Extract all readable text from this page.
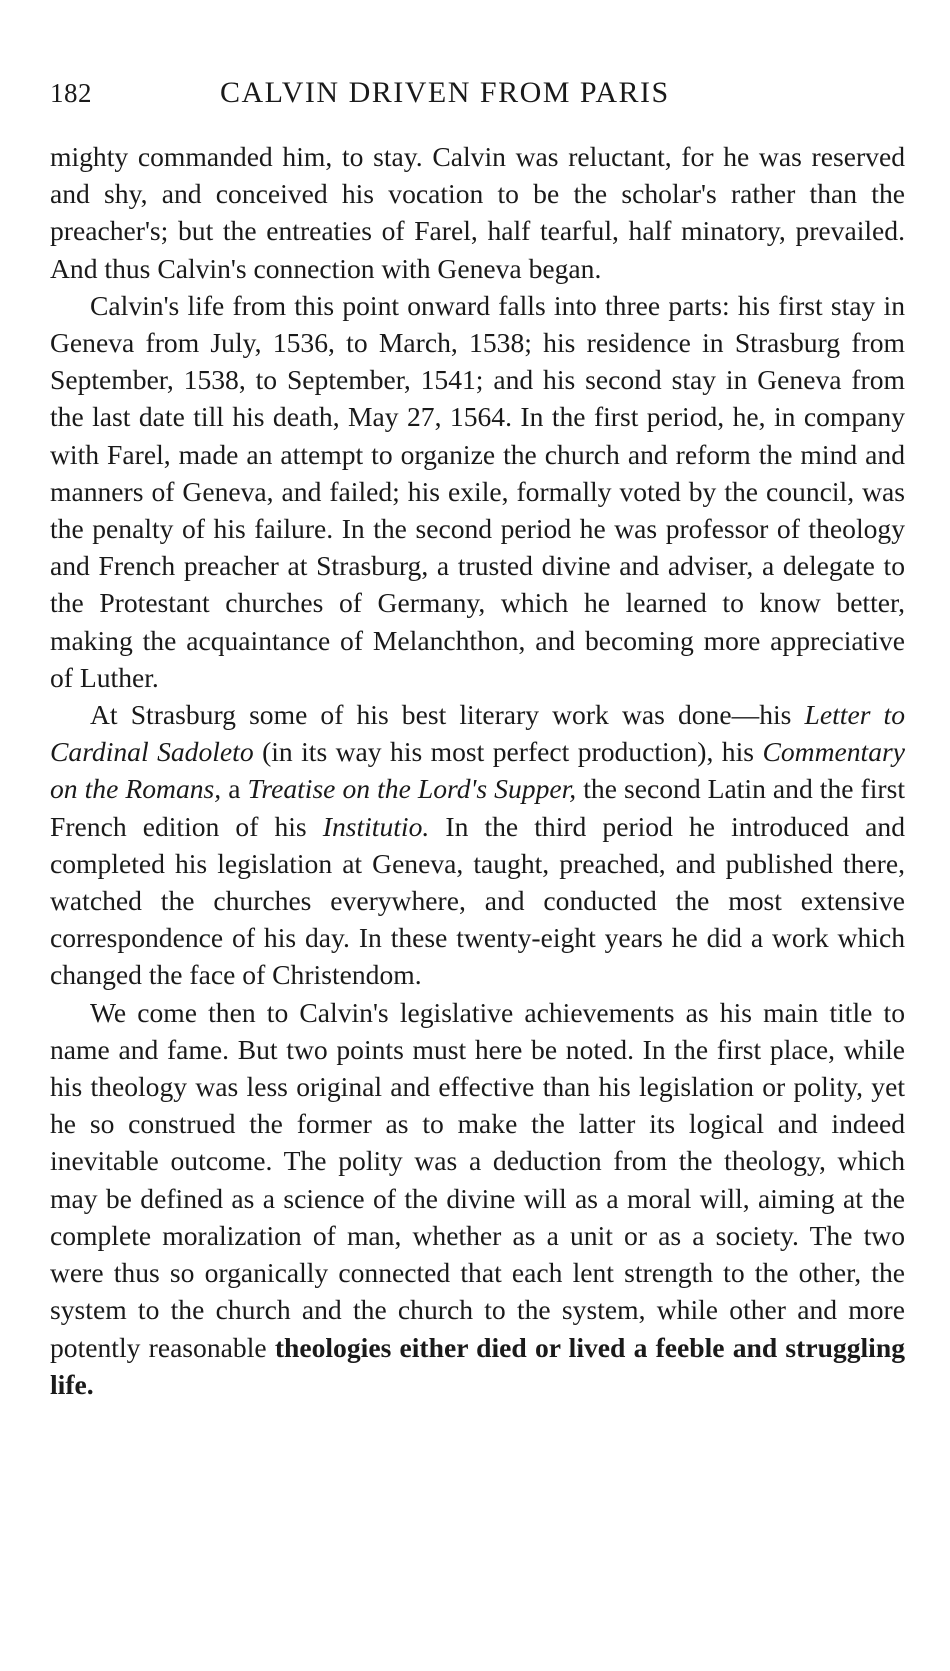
182	CALVIN DRIVEN FROM PARIS

mighty commanded him, to stay. Calvin was reluctant, for he was reserved and shy, and conceived his vocation to be the scholar's rather than the preacher's; but the entreaties of Farel, half tearful, half minatory, prevailed. And thus Calvin's connection with Geneva began.

Calvin's life from this point onward falls into three parts: his first stay in Geneva from July, 1536, to March, 1538; his residence in Strasburg from September, 1538, to September, 1541; and his second stay in Geneva from the last date till his death, May 27, 1564. In the first period, he, in company with Farel, made an attempt to organize the church and reform the mind and manners of Geneva, and failed; his exile, formally voted by the council, was the penalty of his failure. In the second period he was professor of theology and French preacher at Strasburg, a trusted divine and adviser, a delegate to the Protestant churches of Germany, which he learned to know better, making the acquaintance of Melanchthon, and becoming more appreciative of Luther.

At Strasburg some of his best literary work was done—his Letter to Cardinal Sadoleto (in its way his most perfect production), his Commentary on the Romans, a Treatise on the Lord's Supper, the second Latin and the first French edition of his Institutio. In the third period he introduced and completed his legislation at Geneva, taught, preached, and published there, watched the churches everywhere, and conducted the most extensive correspondence of his day. In these twenty-eight years he did a work which changed the face of Christendom.

We come then to Calvin's legislative achievements as his main title to name and fame. But two points must here be noted. In the first place, while his theology was less original and effective than his legislation or polity, yet he so construed the former as to make the latter its logical and indeed inevitable outcome. The polity was a deduction from the theology, which may be defined as a science of the divine will as a moral will, aiming at the complete moralization of man, whether as a unit or as a society. The two were thus so organically connected that each lent strength to the other, the system to the church and the church to the system, while other and more potently reasonable theologies either died or lived a feeble and struggling life.
